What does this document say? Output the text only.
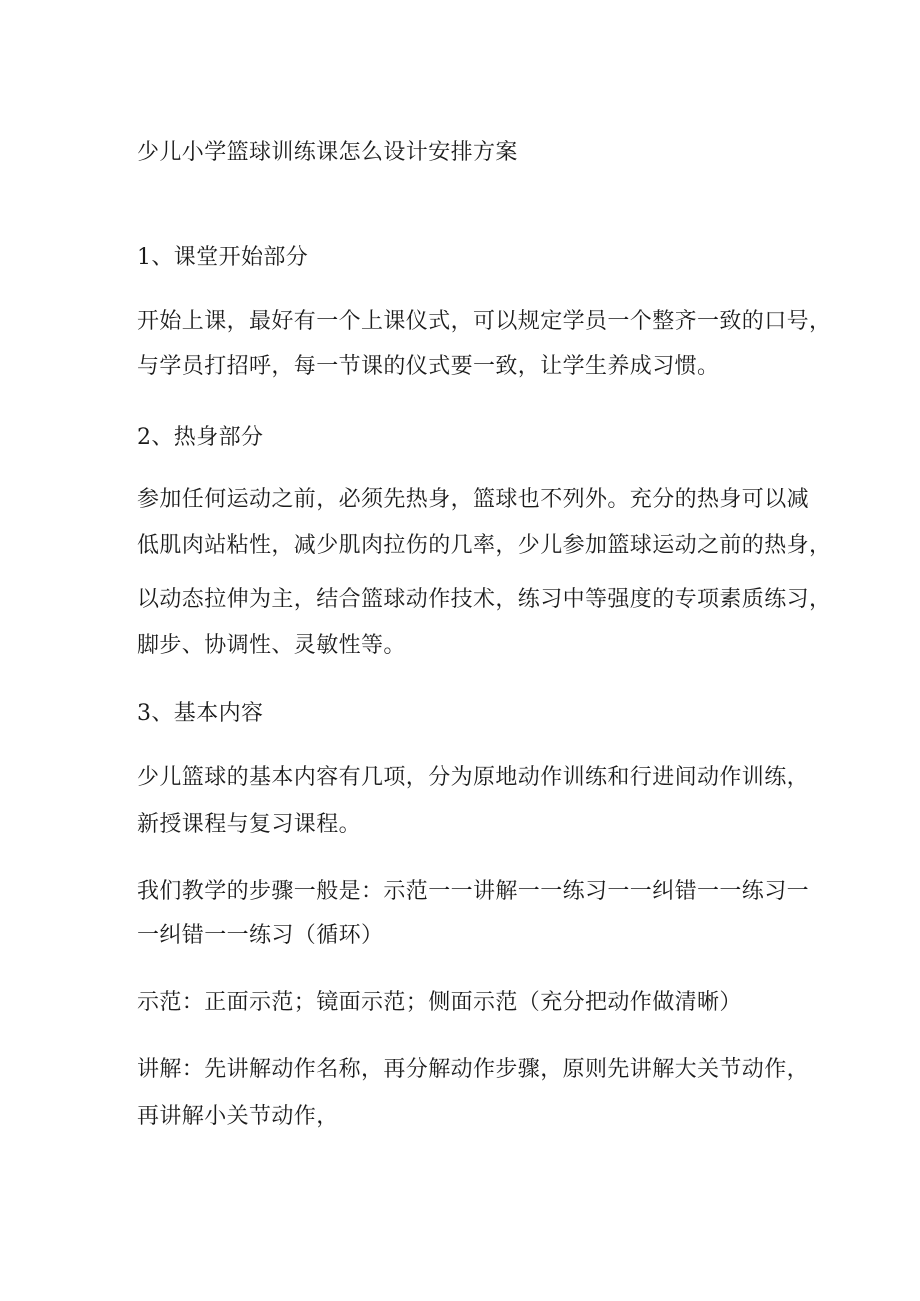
少儿小学篮球训练课怎么设计安排方案
1、课堂开始部分
开始上课，最好有一个上课仪式，可以规定学员一个整齐一致的口号，
与学员打招呼，每一节课的仪式要一致，让学生养成习惯。
2、热身部分
参加任何运动之前，必须先热身，篮球也不列外。充分的热身可以减
低肌肉站粘性，减少肌肉拉伤的几率，少儿参加篮球运动之前的热身，
以动态拉伸为主，结合篮球动作技术，练习中等强度的专项素质练习，
脚步、协调性、灵敏性等。
3、基本内容
少儿篮球的基本内容有几项，分为原地动作训练和行进间动作训练，
新授课程与复习课程。
我们教学的步骤一般是：示范一一讲解一一练习一一纠错一一练习一
一纠错一一练习（循环）
示范：正面示范；镜面示范；侧面示范（充分把动作做清晰）
讲解：先讲解动作名称，再分解动作步骤，原则先讲解大关节动作，
再讲解小关节动作，
